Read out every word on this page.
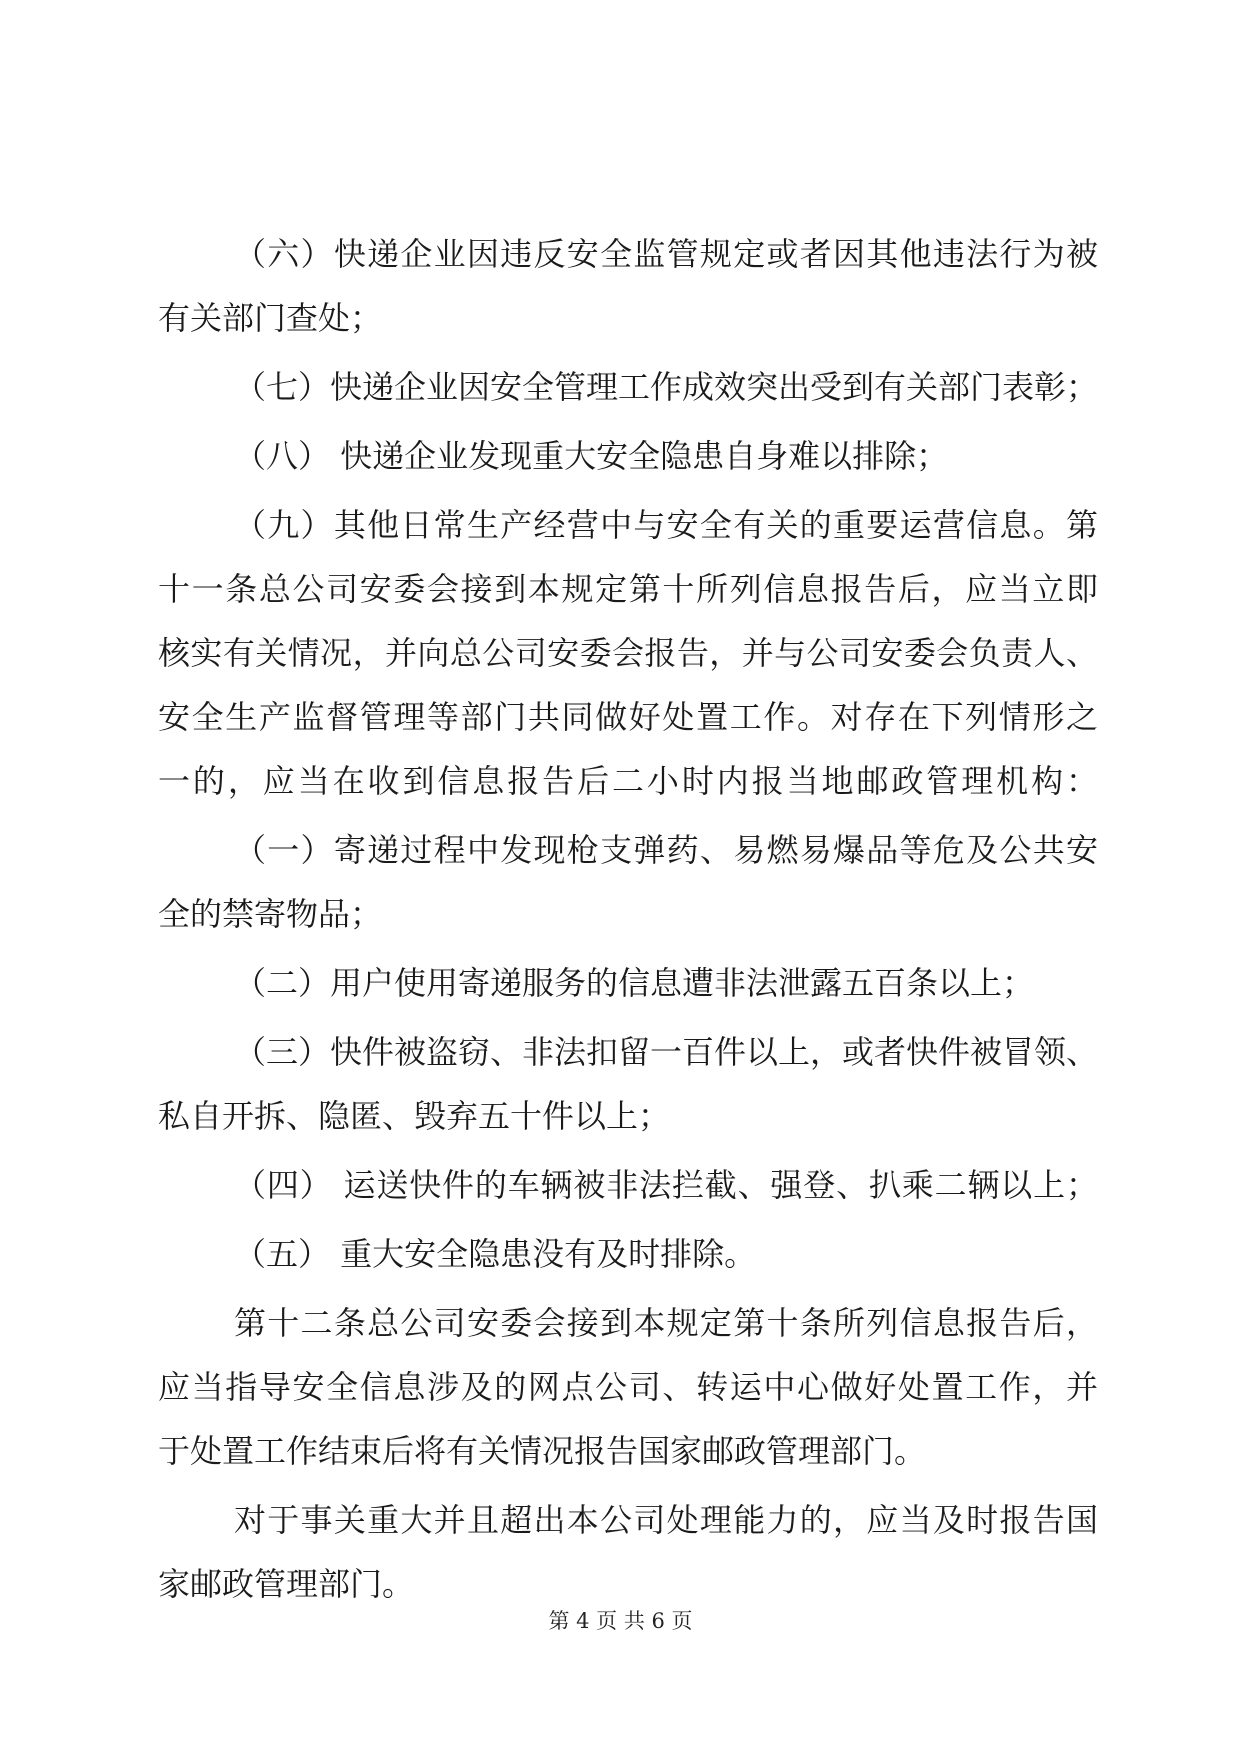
（六）快递企业因违反安全监管规定或者因其他违法行为被
有关部门查处；
（七）快递企业因安全管理工作成效突出受到有关部门表彰；
（八） 快递企业发现重大安全隐患自身难以排除；
（九）其他日常生产经营中与安全有关的重要运营信息。第
十一条总公司安委会接到本规定第十所列信息报告后，应当立即
核实有关情况，并向总公司安委会报告，并与公司安委会负责人、
安全生产监督管理等部门共同做好处置工作。对存在下列情形之
一的，应当在收到信息报告后二小时内报当地邮政管理机构：
（一）寄递过程中发现枪支弹药、易燃易爆品等危及公共安
全的禁寄物品；
（二）用户使用寄递服务的信息遭非法泄露五百条以上；
（三）快件被盗窃、非法扣留一百件以上，或者快件被冒领、
私自开拆、隐匿、毁弃五十件以上；
（四） 运送快件的车辆被非法拦截、强登、扒乘二辆以上；
（五） 重大安全隐患没有及时排除。
第十二条总公司安委会接到本规定第十条所列信息报告后，
应当指导安全信息涉及的网点公司、转运中心做好处置工作，并
于处置工作结束后将有关情况报告国家邮政管理部门。
对于事关重大并且超出本公司处理能力的，应当及时报告国
家邮政管理部门。
第 4 页 共 6 页
